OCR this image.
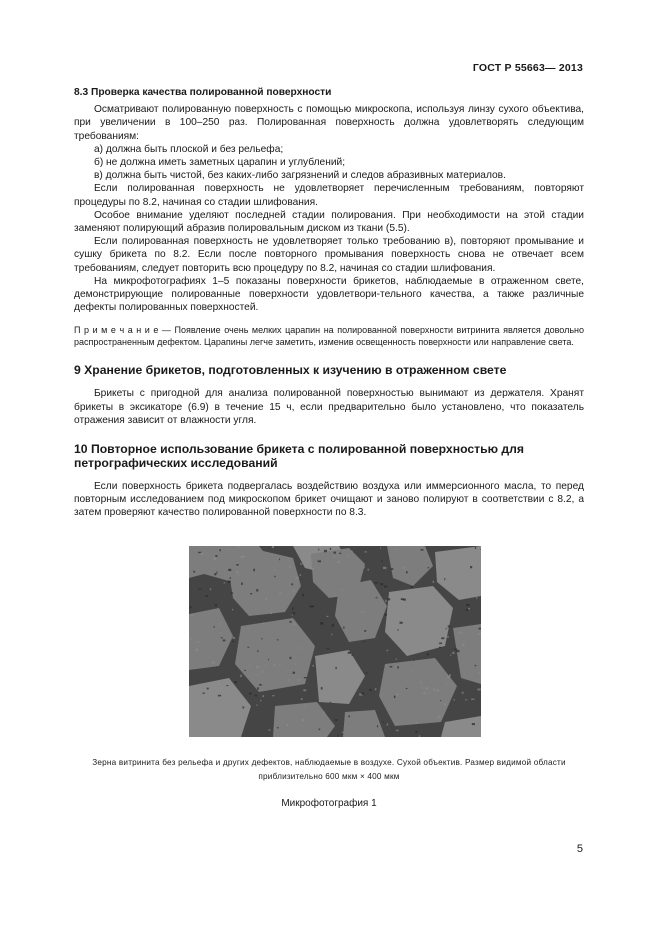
ГОСТ Р 55663— 2013
8.3 Проверка качества полированной поверхности

Осматривают полированную поверхность с помощью микроскопа, используя линзу сухого объектива, при увеличении в 100–250 раз. Полированная поверхность должна удовлетворять следующим требованиям:

а) должна быть плоской и без рельефа;

б) не должна иметь заметных царапин и углублений;

в) должна быть чистой, без каких-либо загрязнений и следов абразивных материалов.

Если полированная поверхность не удовлетворяет перечисленным требованиям, повторяют процедуры по 8.2, начиная со стадии шлифования.

Особое внимание уделяют последней стадии полирования. При необходимости на этой стадии заменяют полирующий абразив полировальным диском из ткани (5.5).

Если полированная поверхность не удовлетворяет только требованию в), повторяют промывание и сушку брикета по 8.2. Если после повторного промывания поверхность снова не отвечает всем требованиям, следует повторить всю процедуру по 8.2, начиная со стадии шлифования.

На микрофотографиях 1–5 показаны поверхности брикетов, наблюдаемые в отраженном свете, демонстрирующие полированные поверхности удовлетвори-тельного качества, а также различные дефекты полированных поверхностей.

П р и м е ч а н и е — Появление очень мелких царапин на полированной поверхности витринита является довольно распространенным дефектом. Царапины легче заметить, изменив освещенность поверхности или направление света.
9 Хранение брикетов, подготовленных к изучению в отраженном свете

Брикеты с пригодной для анализа полированной поверхностью вынимают из держателя. Хранят брикеты в эксикаторе (6.9) в течение 15 ч, если предварительно было установлено, что показатель отражения зависит от влажности угля.

10 Повторное использование брикета с полированной поверхностью для петрографических исследований

Если поверхность брикета подвергалась воздействию воздуха или иммерсионного масла, то перед повторным исследованием под микроскопом брикет очищают и заново полируют в соответствии с 8.2, а затем проверяют качество полированной поверхности по 8.3.

Зерна витринита без рельефа и других дефектов, наблюдаемые в воздухе. Сухой объектив. Размер видимой области
приблизительно 600 мкм × 400 мкм
Микрофотография 1
5
